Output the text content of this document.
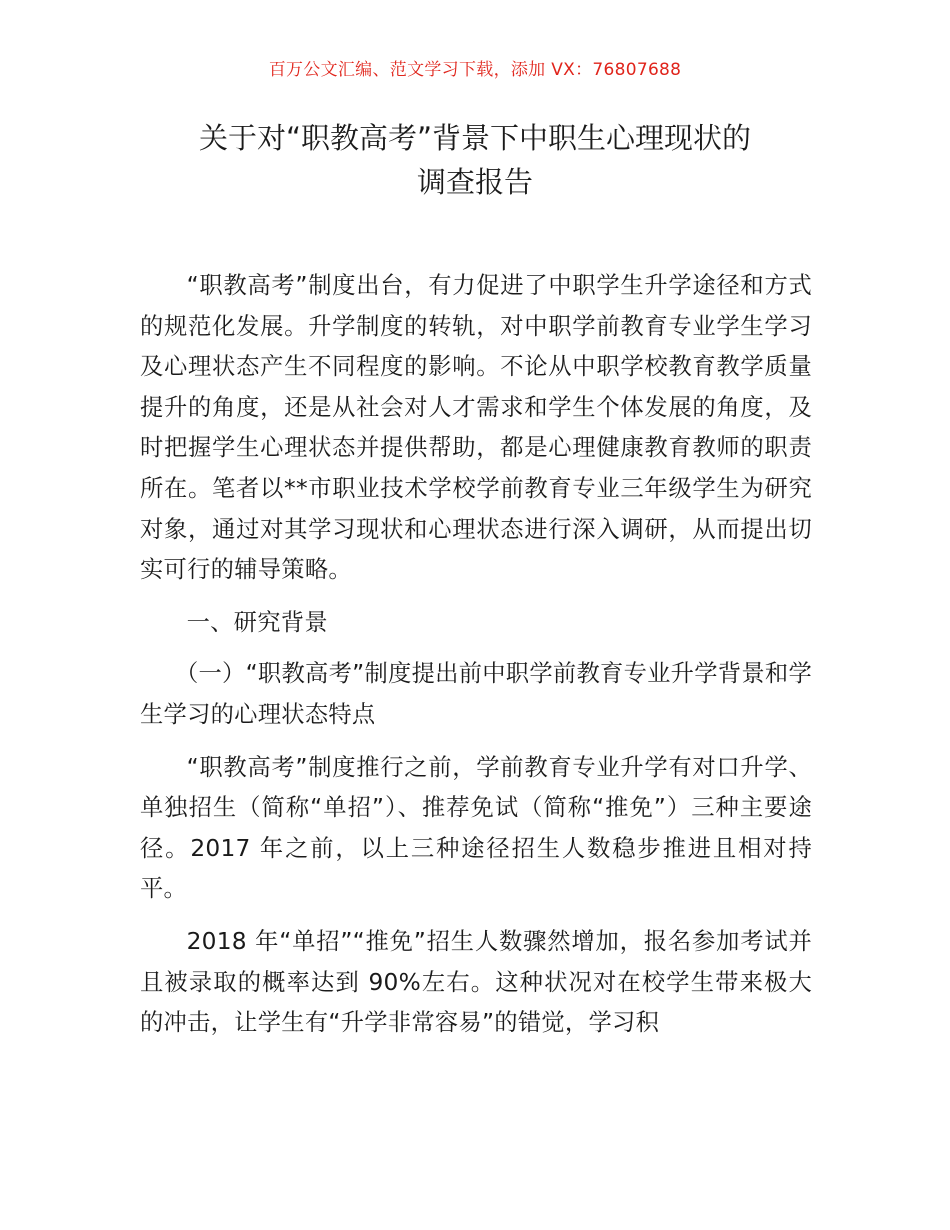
百万公文汇编、范文学习下载，添加 VX：76807688
关于对“职教高考”背景下中职生心理现状的
调查报告

“职教高考”制度出台，有力促进了中职学生升学途径和方式的规范化发展。升学制度的转轨，对中职学前教育专业学生学习及心理状态产生不同程度的影响。不论从中职学校教育教学质量提升的角度，还是从社会对人才需求和学生个体发展的角度，及时把握学生心理状态并提供帮助，都是心理健康教育教师的职责所在。笔者以**市职业技术学校学前教育专业三年级学生为研究对象，通过对其学习现状和心理状态进行深入调研，从而提出切实可行的辅导策略。

一、研究背景

（一）“职教高考”制度提出前中职学前教育专业升学背景和学生学习的心理状态特点

“职教高考”制度推行之前，学前教育专业升学有对口升学、单独招生（简称“单招”）、推荐免试（简称“推免”）三种主要途径。2017 年之前，以上三种途径招生人数稳步推进且相对持平。

2018 年“单招”“推免”招生人数骤然增加，报名参加考试并且被录取的概率达到 90%左右。这种状况对在校学生带来极大的冲击，让学生有“升学非常容易”的错觉，学习积
